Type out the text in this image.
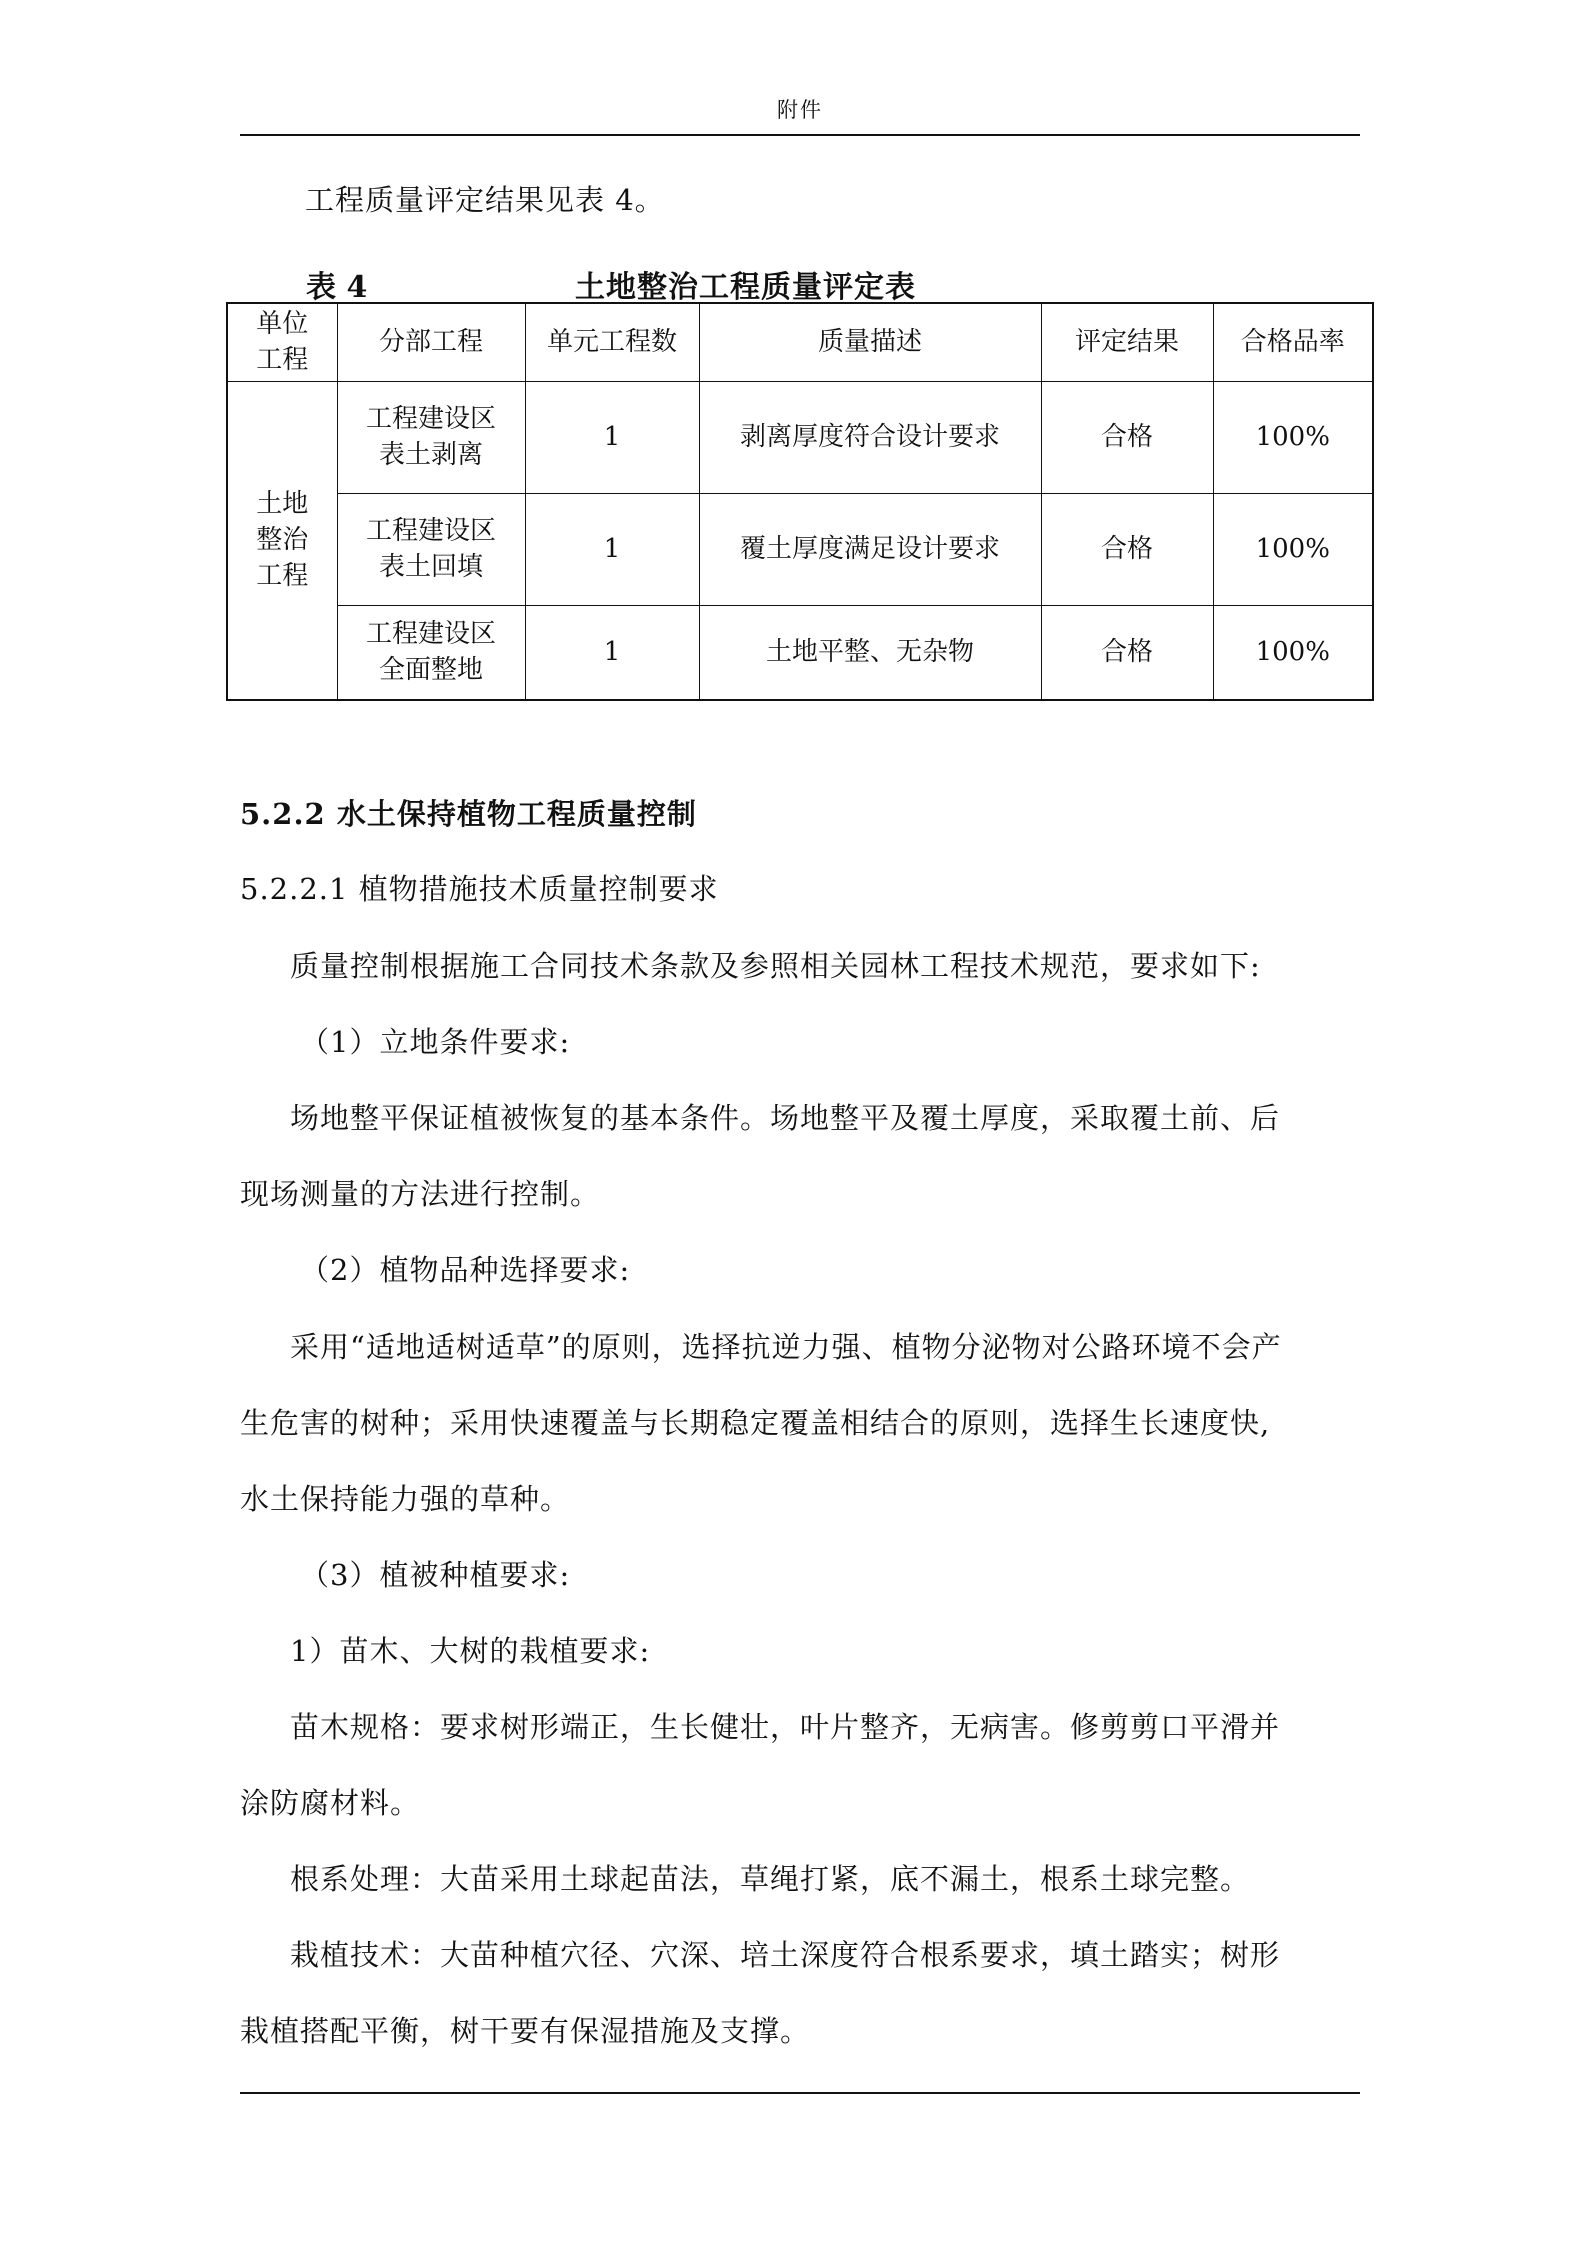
附件
工程质量评定结果见表 4。
表 4	土地整治工程质量评定表
单位
工程	分部工程	单元工程数	质量描述	评定结果	合格品率

土地
整治
工程	工程建设区
表土剥离	1	剥离厚度符合设计要求	合格	100%

	工程建设区
表土回填	1	覆土厚度满足设计要求	合格	100%

	工程建设区
全面整地	1	土地平整、无杂物	合格	100%
5.2.2 水土保持植物工程质量控制
5.2.2.1 植物措施技术质量控制要求
质量控制根据施工合同技术条款及参照相关园林工程技术规范，要求如下:
（1）立地条件要求:
场地整平保证植被恢复的基本条件。场地整平及覆土厚度，采取覆土前、后
现场测量的方法进行控制。
（2）植物品种选择要求:
采用“适地适树适草”的原则，选择抗逆力强、植物分泌物对公路环境不会产
生危害的树种；采用快速覆盖与长期稳定覆盖相结合的原则，选择生长速度快,
水土保持能力强的草种。
（3）植被种植要求:
1）苗木、大树的栽植要求:
苗木规格：要求树形端正，生长健壮，叶片整齐，无病害。修剪剪口平滑并
涂防腐材料。
根系处理：大苗采用土球起苗法，草绳打紧，底不漏土，根系土球完整。
栽植技术：大苗种植穴径、穴深、培土深度符合根系要求，填土踏实；树形
栽植搭配平衡，树干要有保湿措施及支撑。
